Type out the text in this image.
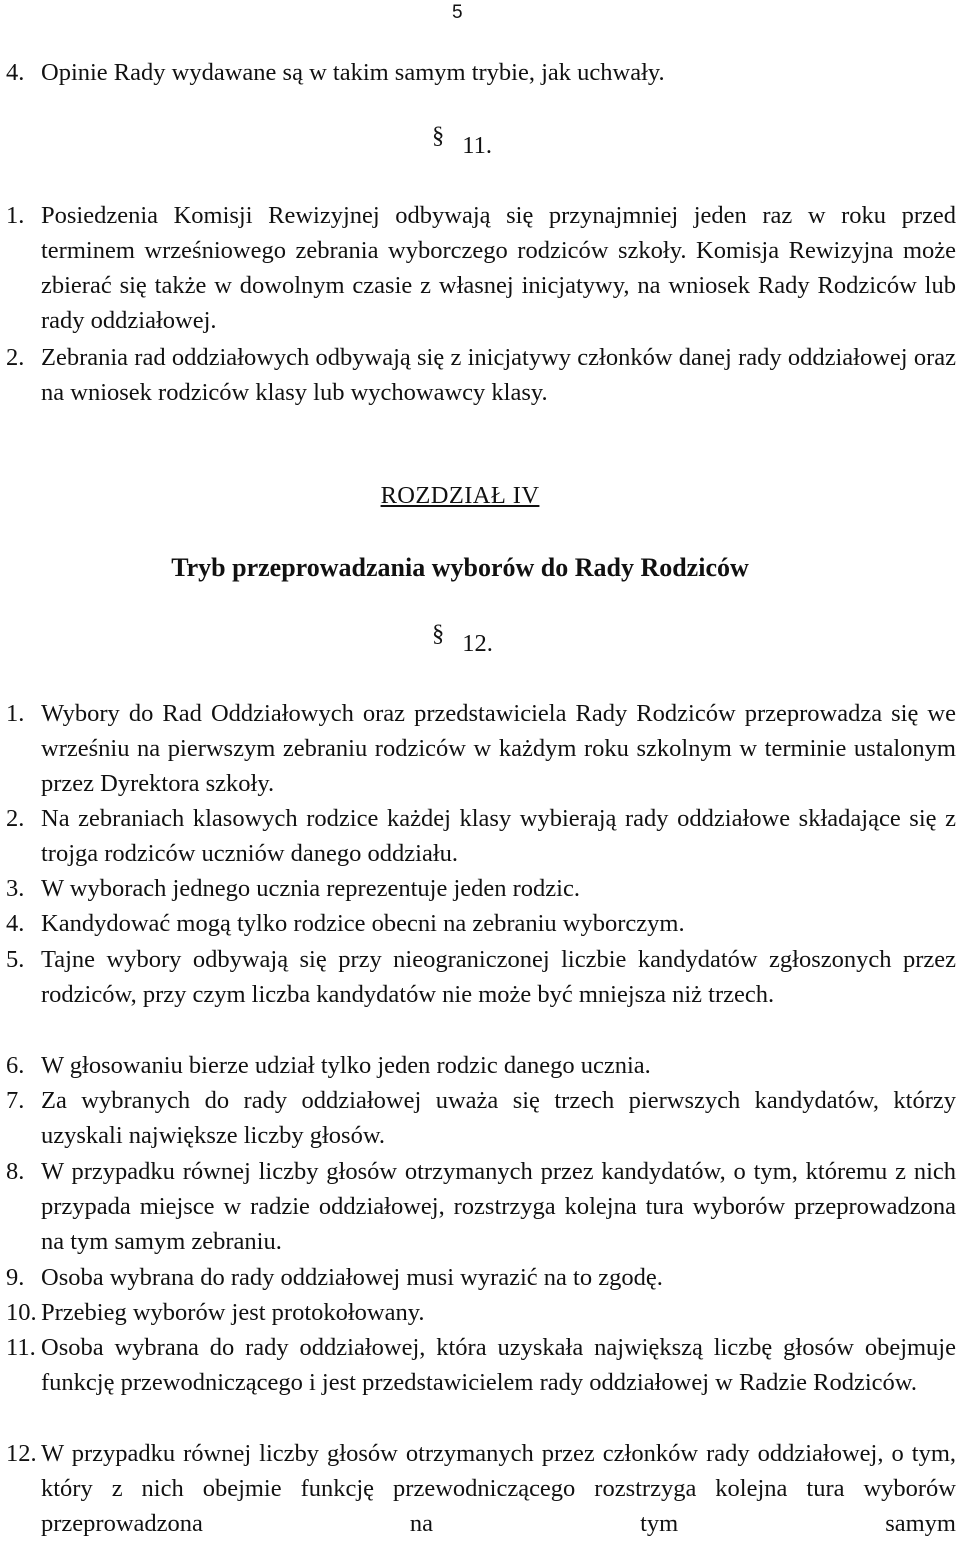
5
4. Opinie Rady wydawane są w takim samym trybie, jak uchwały.
§ 11.
1. Posiedzenia Komisji Rewizyjnej odbywają się przynajmniej jeden raz w roku przed terminem wrześniowego zebrania wyborczego rodziców szkoły. Komisja Rewizyjna może zbierać się także w dowolnym czasie z własnej inicjatywy, na wniosek Rady Rodziców lub rady oddziałowej.
2. Zebrania rad oddziałowych odbywają się z inicjatywy członków danej rady oddziałowej oraz na wniosek rodziców klasy lub wychowawcy klasy.
ROZDZIAŁ IV
Tryb przeprowadzania wyborów do Rady Rodziców
§ 12.
1. Wybory do Rad Oddziałowych oraz przedstawiciela Rady Rodziców przeprowadza się we wrześniu na pierwszym zebraniu rodziców w każdym roku szkolnym w terminie ustalonym przez Dyrektora szkoły.
2. Na zebraniach klasowych rodzice każdej klasy wybierają rady oddziałowe składające się z trojga rodziców uczniów danego oddziału.
3. W wyborach jednego ucznia reprezentuje jeden rodzic.
4. Kandydować mogą tylko rodzice obecni na zebraniu wyborczym.
5. Tajne wybory odbywają się przy nieograniczonej liczbie kandydatów zgłoszonych przez rodziców, przy czym liczba kandydatów nie może być mniejsza niż trzech.
6. W głosowaniu bierze udział tylko jeden rodzic danego ucznia.
7. Za wybranych do rady oddziałowej uważa się trzech pierwszych kandydatów, którzy uzyskali największe liczby głosów.
8. W przypadku równej liczby głosów otrzymanych przez kandydatów, o tym, któremu z nich przypada miejsce w radzie oddziałowej, rozstrzyga kolejna tura wyborów przeprowadzona na tym samym zebraniu.
9. Osoba wybrana do rady oddziałowej musi wyrazić na to zgodę.
10. Przebieg wyborów jest protokołowany.
11. Osoba wybrana do rady oddziałowej, która uzyskała największą liczbę głosów obejmuje funkcję przewodniczącego i jest przedstawicielem rady oddziałowej w Radzie Rodziców.
12. W przypadku równej liczby głosów otrzymanych przez członków rady oddziałowej, o tym, który z nich obejmie funkcję przewodniczącego rozstrzyga kolejna tura wyborów przeprowadzona na tym samym
